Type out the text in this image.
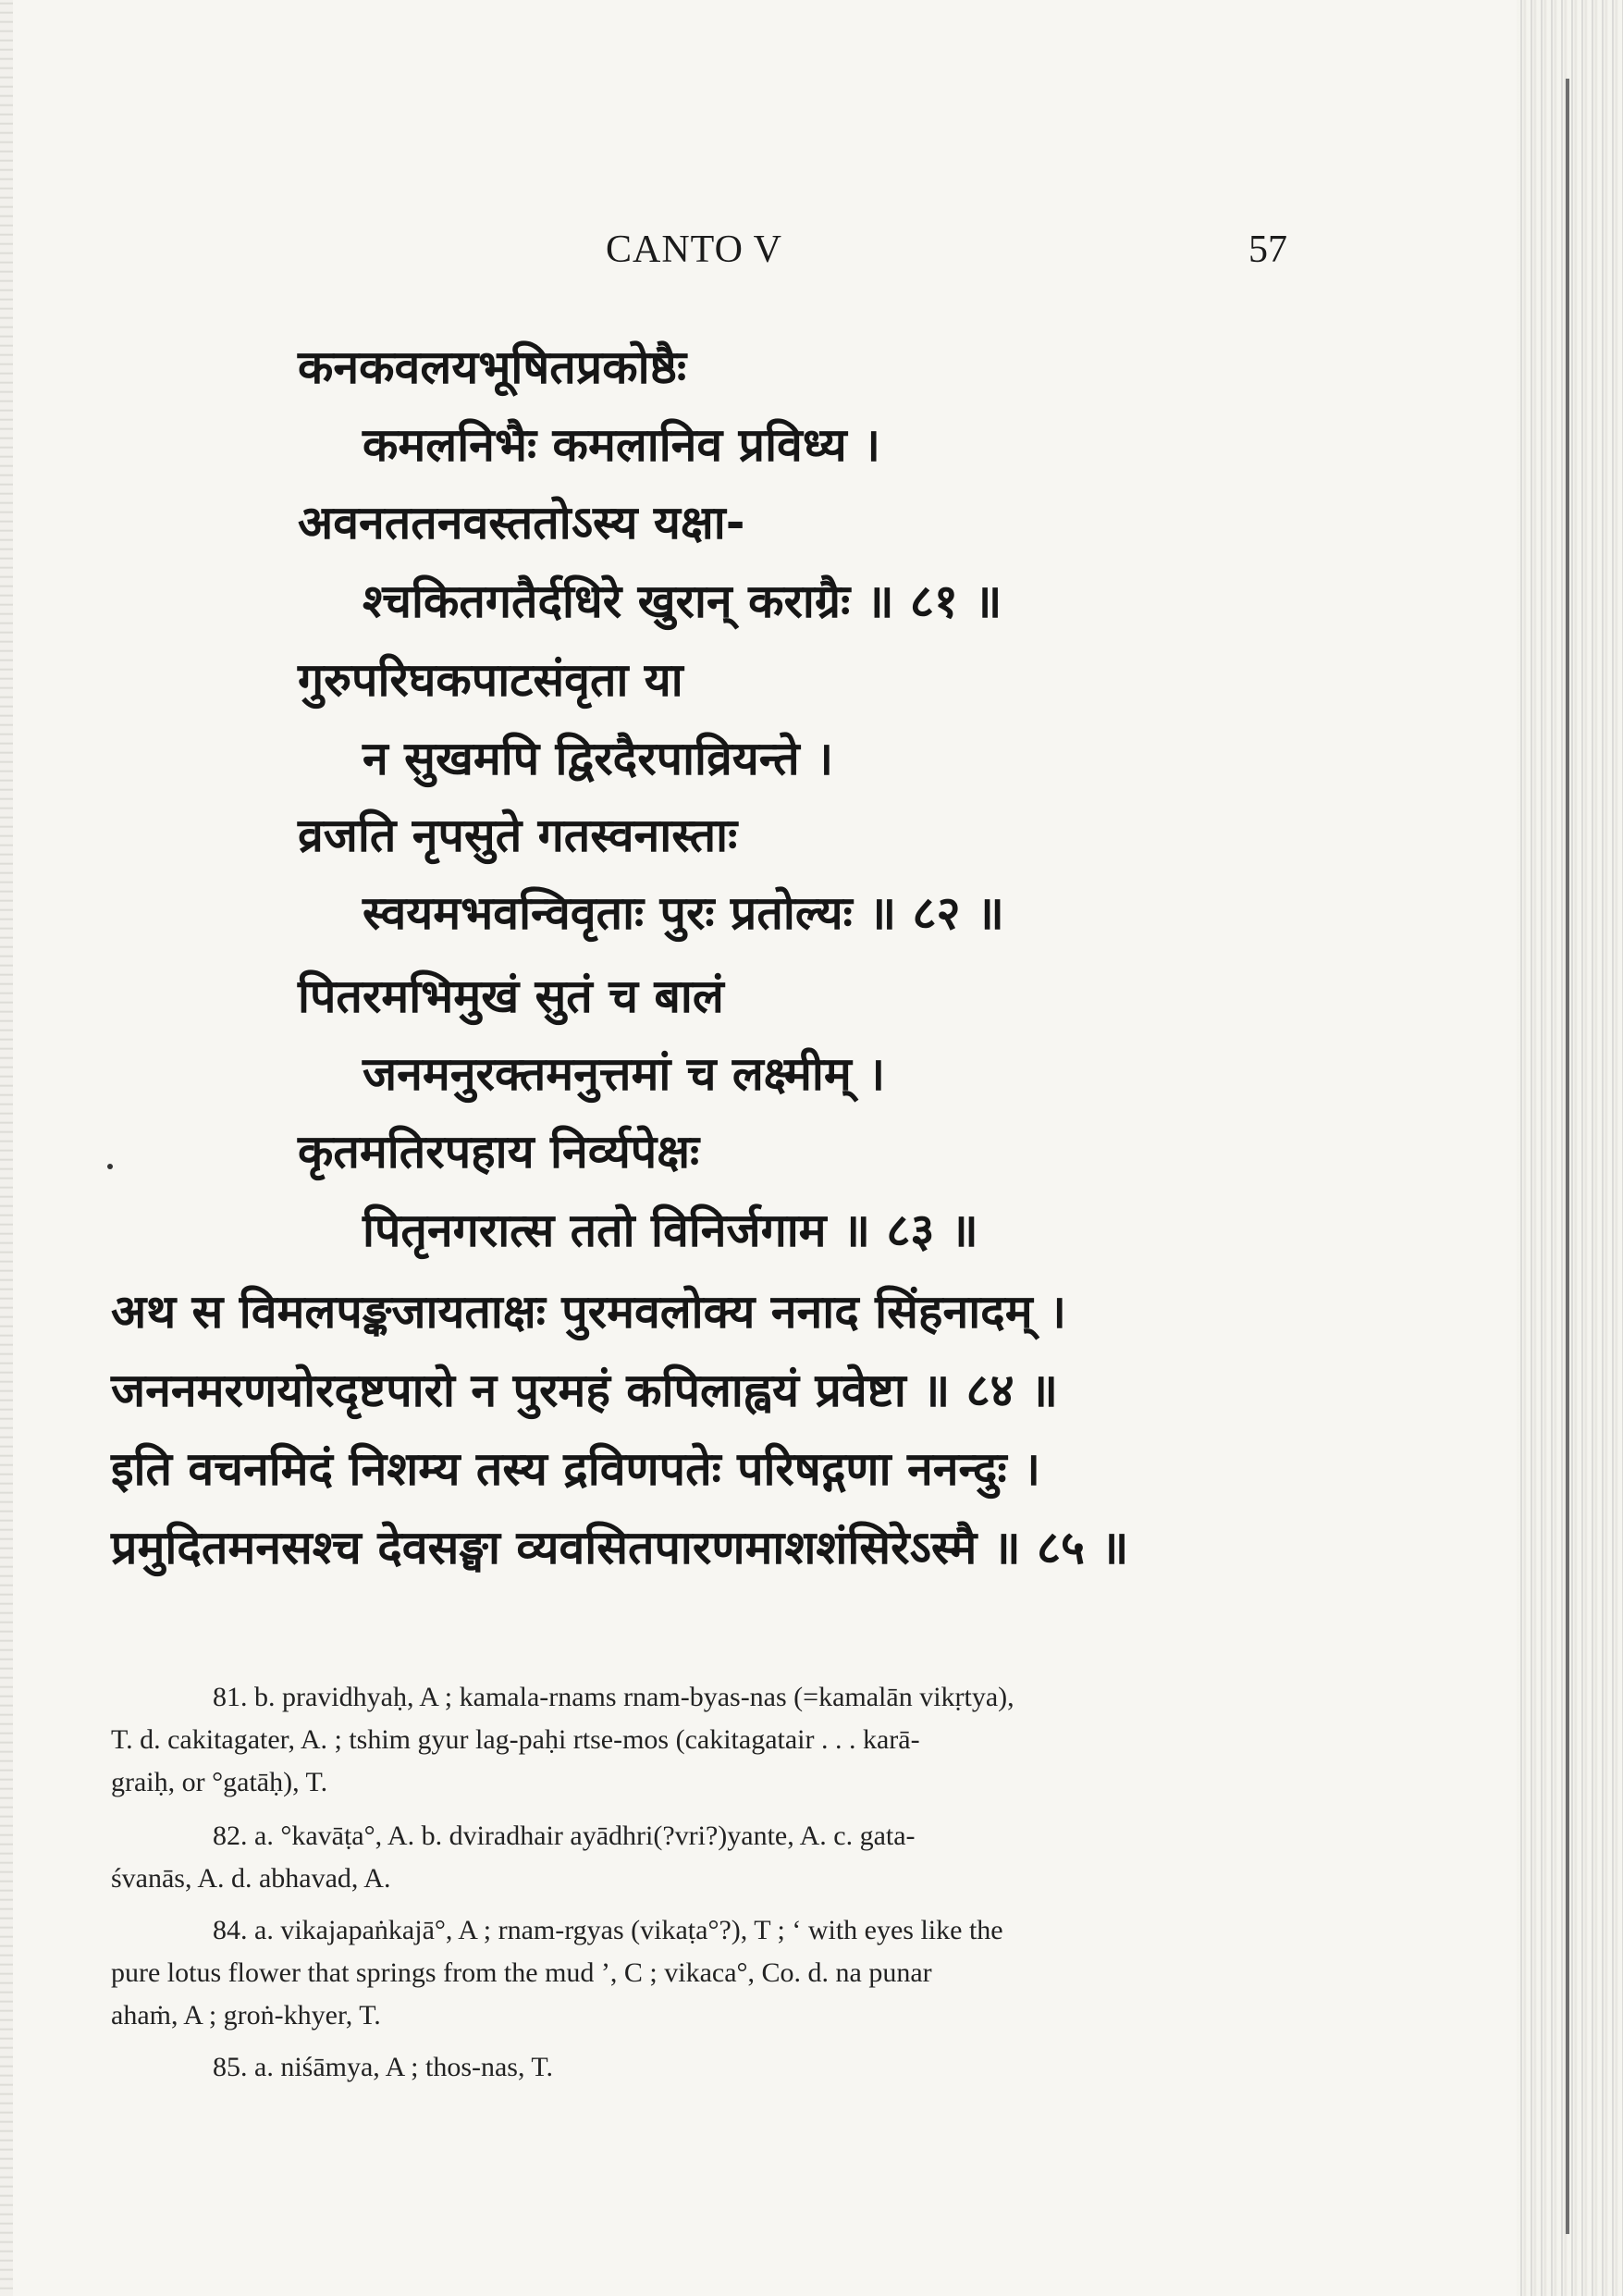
CANTO V	57
कनकवलयभूषितप्रकोष्ठैः
कमलनिभैः कमलानिव प्रविध्य ।
अवनततनवस्ततोऽस्य यक्षा-
श्चकितगतैर्दधिरे खुरान् कराग्रैः ॥ ८१ ॥
गुरुपरिघकपाटसंवृता या
न सुखमपि द्विरदैरपाव्रियन्ते ।
व्रजति नृपसुते गतस्वनास्ताः
स्वयमभवन्विवृताः पुरः प्रतोल्यः ॥ ८२ ॥
पितरमभिमुखं सुतं च बालं
जनमनुरक्तमनुत्तमां च लक्ष्मीम् ।
कृतमतिरपहाय निर्व्यपेक्षः
पितृनगरात्स ततो विनिर्जगाम ॥ ८३ ॥
अथ स विमलपङ्कजायताक्षः पुरमवलोक्य ननाद सिंहनादम् ।
जननमरणयोरदृष्टपारो न पुरमहं कपिलाह्वयं प्रवेष्टा ॥ ८४ ॥
इति वचनमिदं निशम्य तस्य द्रविणपतेः परिषद्गणा ननन्दुः ।
प्रमुदितमनसश्च देवसङ्घा व्यवसितपारणमाशशंसिरेऽस्मै ॥ ८५ ॥
81. b. pravidhyaḥ, A ; kamala-rnams rnam-byas-nas (=kamalān vikṛtya),
T. d. cakitagater, A. ; tshim gyur lag-paḥi rtse-mos (cakitagatair . . . karā-
graiḥ, or °gatāḥ), T.
82. a. °kavāṭa°, A. b. dviradhair ayādhri(?vri?)yante, A. c. gata-
śvanās, A. d. abhavad, A.
84. a. vikajapaṅkajā°, A ; rnam-rgyas (vikaṭa°?), T ; ‘ with eyes like the
pure lotus flower that springs from the mud ’, C ; vikaca°, Co. d. na punar
ahaṁ, A ; groṅ-khyer, T.
85. a. niśāmya, A ; thos-nas, T.
